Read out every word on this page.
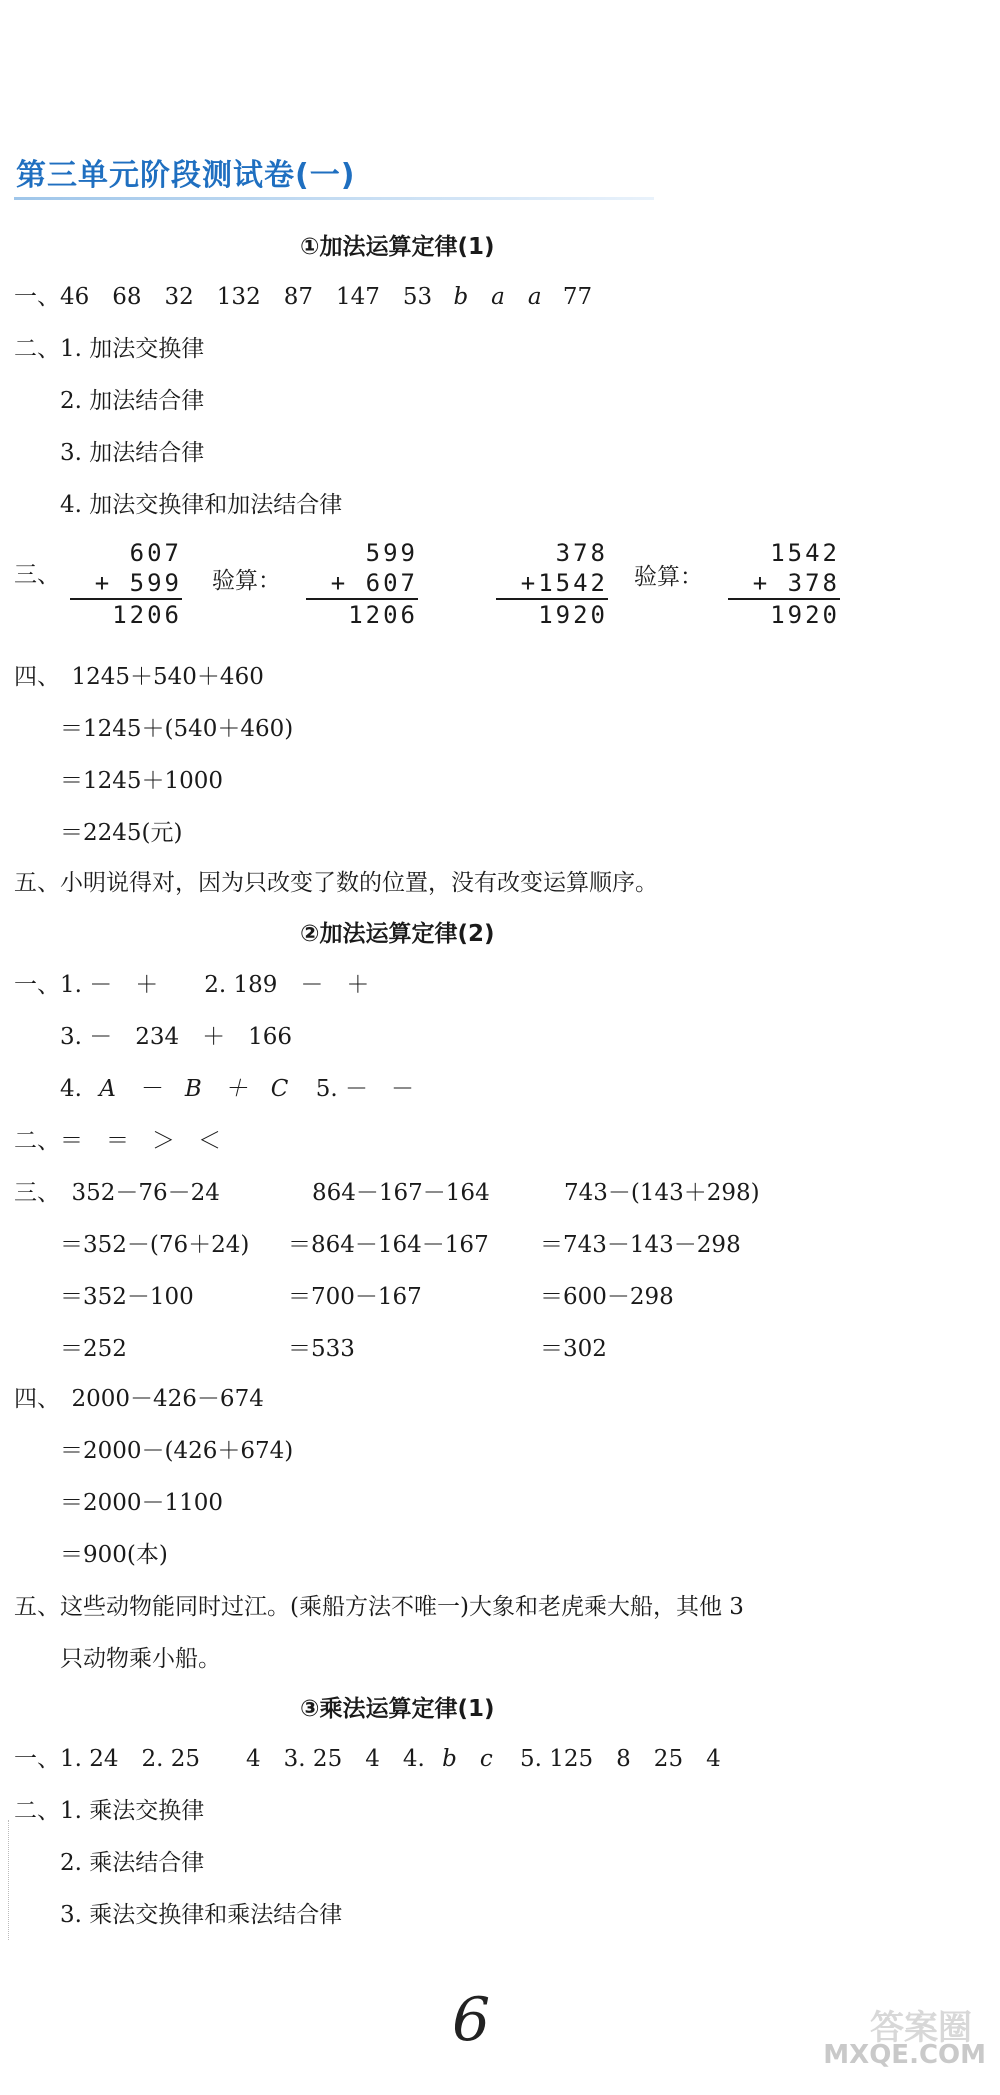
第三单元阶段测试卷(一)
①加法运算定律(1)
一、46　68　32　132　87　147　53 b　a　a 77
二、1. 加法交换律
2. 加法结合律
3. 加法结合律
4. 加法交换律和加法结合律
三、
607
+ 599
1206
验算：
599
+ 607
1206
378
+1542
1920
验算：
1542
+ 378
1920
四、　1245＋540＋460
＝1245＋(540＋460)
＝1245＋1000
＝2245(元)
五、小明说得对，因为只改变了数的位置，没有改变运算顺序。
②加法运算定律(2)
一、1. －　＋　　2. 189　－　＋
3. －　234　＋　166
4. A　－　B　＋　C 5. －　－
二、＝　＝　＞　＜
三、　352－76－24
＝352－(76＋24)
＝352－100
＝252
864－167－164
＝864－164－167
＝700－167
＝533
743－(143＋298)
＝743－143－298
＝600－298
＝302
四、　2000－426－674
＝2000－(426＋674)
＝2000－1100
＝900(本)
五、这些动物能同时过江。(乘船方法不唯一)大象和老虎乘大船，其他 3
只动物乘小船。
③乘法运算定律(1)
一、1. 24　2. 25　　4　3. 25　4　4. b　c 5. 125　8　25　4
二、1. 乘法交换律
2. 乘法结合律
3. 乘法交换律和乘法结合律
6	答案圈
MXQE.COM
